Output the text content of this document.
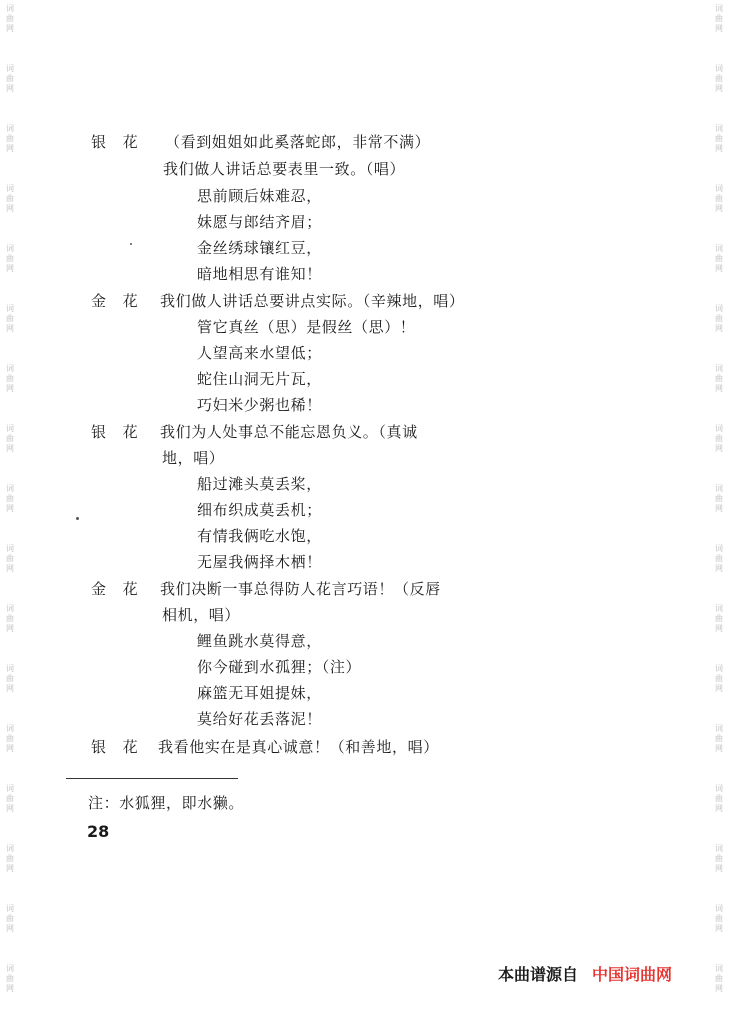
词
曲
网
词
曲
网
词
曲
网
词
曲
网
词
曲
网
词
曲
网
词
曲
网
词
曲
网
词
曲
网
词
曲
网
词
曲
网
词
曲
网
词
曲
网
词
曲
网
词
曲
网
词
曲
网
词
曲
网
词
曲
网
词
曲
网
词
曲
网
词
曲
网
词
曲
网
词
曲
网
词
曲
网
词
曲
网
词
曲
网
词
曲
网
词
曲
网
词
曲
网
词
曲
网
词
曲
网
词
曲
网
词
曲
网
词
曲
网
银 花 （看到姐姐如此奚落蛇郎，非常不满）
我们做人讲话总要表里一致。（唱）
思前顾后妹难忍，
妹愿与郎结齐眉；
金丝绣球镶红豆，
暗地相思有谁知！
金 花 我们做人讲话总要讲点实际。（辛辣地，唱）
管它真丝（思）是假丝（思）！
人望高来水望低；
蛇住山洞无片瓦，
巧妇米少粥也稀！
银 花 我们为人处事总不能忘恩负义。（真诚
地，唱）
船过滩头莫丢桨，
细布织成莫丢机；
有情我俩吃水饱，
无屋我俩择木栖！
金 花 我们决断一事总得防人花言巧语！（反唇
相机，唱）
鲤鱼跳水莫得意，
你今碰到水孤狸；（注）
麻篮无耳姐提妹，
莫给好花丢落泥！
银 花 我看他实在是真心诚意！（和善地，唱）
注：水狐狸，即水獭。
28
本曲谱源自 中国词曲网
